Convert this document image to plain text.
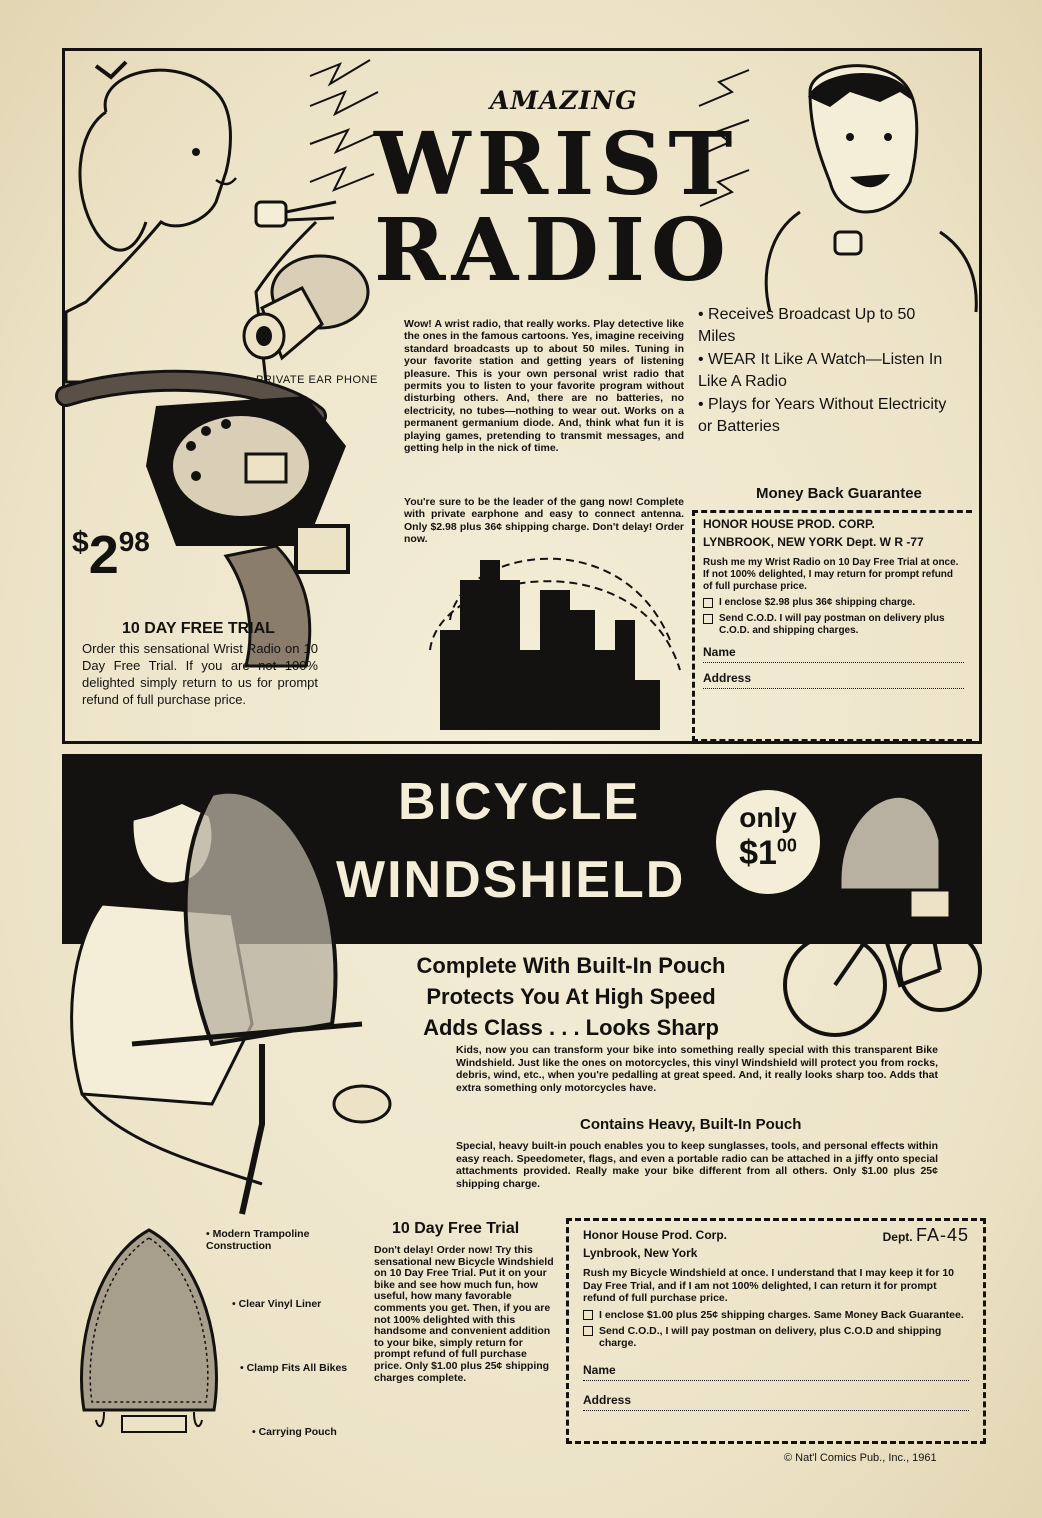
AMAZING
WRIST
RADIO
PRIVATE EAR PHONE
Wow! A wrist radio, that really works. Play detective like the ones in the famous cartoons. Yes, imagine receiving standard broadcasts up to about 50 miles. Tuning in your favorite station and getting years of listening pleasure. This is your own personal wrist radio that permits you to listen to your favorite program without disturbing others. And, there are no batteries, no electricity, no tubes—nothing to wear out. Works on a permanent germanium diode. And, think what fun it is playing games, pretending to transmit messages, and getting help in the nick of time.
You're sure to be the leader of the gang now! Complete with private earphone and easy to connect antenna. Only $2.98 plus 36¢ shipping charge. Don't delay! Order now.
• Receives Broadcast Up to 50 Miles
• WEAR It Like A Watch—Listen In Like A Radio
• Plays for Years Without Electricity or Batteries
$298
10 DAY FREE TRIAL
Order this sensational Wrist Radio on 10 Day Free Trial. If you are not 100% delighted simply return to us for prompt refund of full purchase price.
Money Back Guarantee
HONOR HOUSE PROD. CORP.
LYNBROOK, NEW YORK Dept. W R -77
Rush me my Wrist Radio on 10 Day Free Trial at once. If not 100% delighted, I may return for prompt refund of full purchase price.
I enclose $2.98 plus 36¢ shipping charge.
Send C.O.D. I will pay postman on delivery plus C.O.D. and shipping charges.
Name
Address
BICYCLE
WINDSHIELD
only
$\$1^{00}$
Complete With Built-In Pouch
Protects You At High Speed
Adds Class . . . Looks Sharp
Kids, now you can transform your bike into something really special with this transparent Bike Windshield. Just like the ones on motorcycles, this vinyl Windshield will protect you from rocks, debris, wind, etc., when you're pedalling at great speed. And, it really looks sharp too. Adds that extra something only motorcycles have.
Contains Heavy, Built-In Pouch
Special, heavy built-in pouch enables you to keep sunglasses, tools, and personal effects within easy reach. Speedometer, flags, and even a portable radio can be attached in a jiffy onto special attachments provided. Really make your bike different from all others. Only $1.00 plus 25¢ shipping charge.
• Modern Trampoline Construction
• Clear Vinyl Liner
• Clamp Fits All Bikes
• Carrying Pouch
10 Day Free Trial
Don't delay! Order now! Try this sensational new Bicycle Windshield on 10 Day Free Trial. Put it on your bike and see how much fun, how useful, how many favorable comments you get. Then, if you are not 100% delighted with this handsome and convenient addition to your bike, simply return for prompt refund of full purchase price. Only $1.00 plus 25¢ shipping charges complete.
Honor House Prod. Corp.	Dept. FA-45
Lynbrook, New York
Rush my Bicycle Windshield at once. I understand that I may keep it for 10 Day Free Trial, and if I am not 100% delighted, I can return it for prompt refund of full purchase price.
I enclose $1.00 plus 25¢ shipping charges. Same Money Back Guarantee.
Send C.O.D., I will pay postman on delivery, plus C.O.D and shipping charge.
Name
Address
© Nat'l Comics Pub., Inc., 1961
